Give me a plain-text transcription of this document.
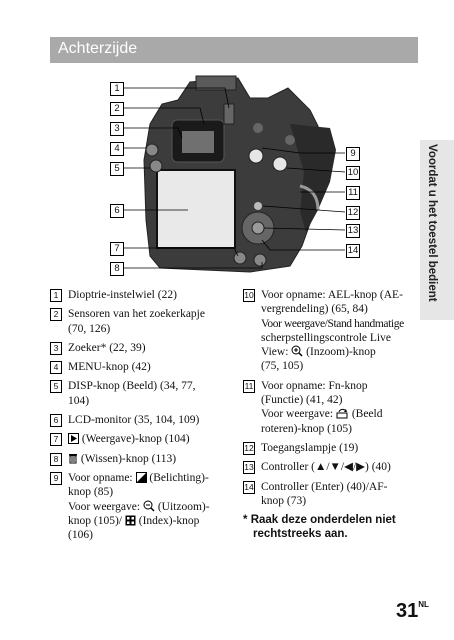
Achterzijde
Voordat u het toestel bedient
1
2
3
4
5
6
7
8
9
10
11
12
13
14
1 Dioptrie-instelwiel (22)
2 Sensoren van het zoekerkapje
(70, 126)
3 Zoeker* (22, 39)
4 MENU-knop (42)
5 DISP-knop (Beeld) (34, 77,
104)
6 LCD-monitor (35, 104, 109)
7	(Weergave)-knop (104)
8	(Wissen)-knop (113)
9 Voor opname: (Belichting)-
knop (85)
Voor weergave: (Uitzoom)-
knop (105)/ (Index)-knop
(106)
10 Voor opname: AEL-knop (AE-
vergrendeling) (65, 84)
Voor weergave/Stand handmatige
scherpstellingscontrole Live
View: (Inzoom)-knop
(75, 105)
11 Voor opname: Fn-knop
(Functie) (41, 42)
Voor weergave: (Beeld
roteren)-knop (105)
12 Toegangslampje (19)
13 Controller (▲/▼/◀/▶) (40)
14 Controller (Enter) (40)/AF-
knop (73)
* Raak deze onderdelen niet
rechtstreeks aan.
$31^{NL}$
